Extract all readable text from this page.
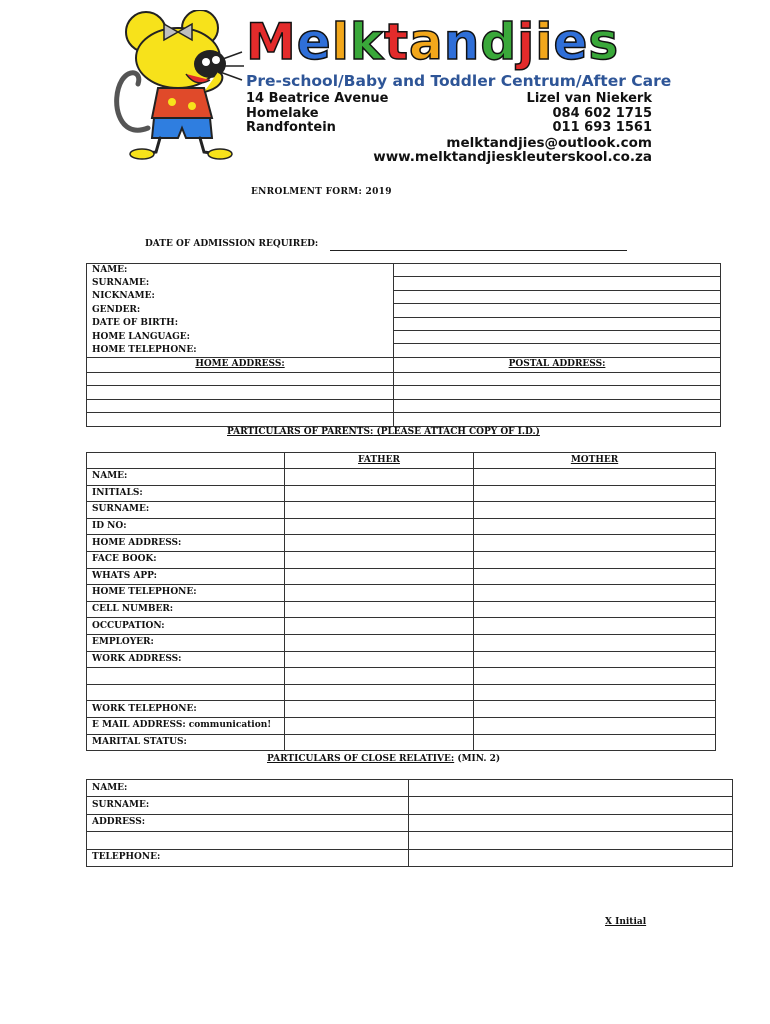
Melktandjies
Pre-school/Baby and Toddler Centrum/After Care
14 Beatrice Avenue
Homelake
Randfontein
Lizel van Niekerk
084 602 1715
011 693 1561
melktandjies@outlook.com
www.melktandjieskleuterskool.co.za
ENROLMENT FORM: 2019
DATE OF ADMISSION REQUIRED:
NAME:	
SURNAME:	
NICKNAME:	
GENDER:	
DATE OF BIRTH:	
HOME LANGUAGE:	
HOME TELEPHONE:	
HOME ADDRESS:	POSTAL ADDRESS:

PARTICULARS OF PARENTS: (PLEASE ATTACH COPY OF I.D.)
	FATHER	MOTHER
NAME:		
INITIALS:		
SURNAME:		
ID NO:		
HOME ADDRESS:		
FACE BOOK:		
WHATS APP:		
HOME TELEPHONE:		
CELL NUMBER:		
OCCUPATION:		
EMPLOYER:		
WORK ADDRESS:		

WORK TELEPHONE:		
E MAIL ADDRESS: communication!		
MARITAL STATUS:		
PARTICULARS OF CLOSE RELATIVE: (MIN. 2)
NAME:	
SURNAME:	
ADDRESS:	

TELEPHONE:	
X Initial
